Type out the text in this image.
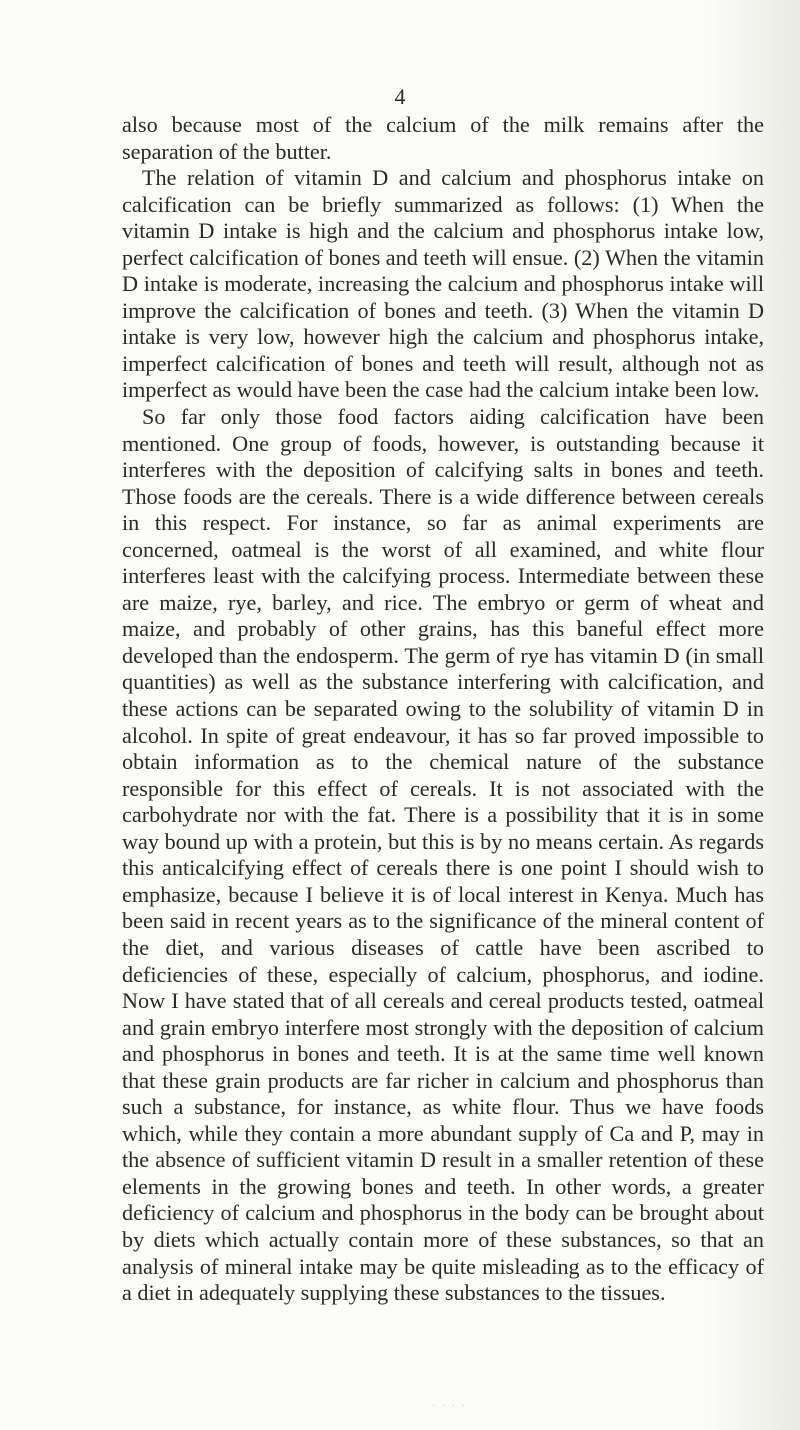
4

also because most of the calcium of the milk remains after the separation of the butter.

The relation of vitamin D and calcium and phosphorus intake on calcification can be briefly summarized as follows: (1) When the vitamin D intake is high and the calcium and phosphorus intake low, perfect calcification of bones and teeth will ensue. (2) When the vitamin D intake is moderate, increasing the calcium and phosphorus intake will improve the calcification of bones and teeth. (3) When the vitamin D intake is very low, however high the calcium and phosphorus intake, imperfect calcification of bones and teeth will result, although not as imperfect as would have been the case had the calcium intake been low.

So far only those food factors aiding calcification have been mentioned. One group of foods, however, is outstanding because it interferes with the deposition of calcifying salts in bones and teeth. Those foods are the cereals. There is a wide difference between cereals in this respect. For instance, so far as animal experiments are concerned, oatmeal is the worst of all examined, and white flour interferes least with the calcifying process. Intermediate between these are maize, rye, barley, and rice. The embryo or germ of wheat and maize, and probably of other grains, has this baneful effect more developed than the endosperm. The germ of rye has vitamin D (in small quantities) as well as the substance interfering with calcification, and these actions can be separated owing to the solubility of vitamin D in alcohol. In spite of great endeavour, it has so far proved impossible to obtain information as to the chemical nature of the substance responsible for this effect of cereals. It is not associated with the carbohydrate nor with the fat. There is a possibility that it is in some way bound up with a protein, but this is by no means certain. As regards this anticalcifying effect of cereals there is one point I should wish to emphasize, because I believe it is of local interest in Kenya. Much has been said in recent years as to the significance of the mineral content of the diet, and various diseases of cattle have been ascribed to deficiencies of these, especially of calcium, phosphorus, and iodine. Now I have stated that of all cereals and cereal products tested, oatmeal and grain embryo interfere most strongly with the deposition of calcium and phosphorus in bones and teeth. It is at the same time well known that these grain products are far richer in calcium and phosphorus than such a substance, for instance, as white flour. Thus we have foods which, while they contain a more abundant supply of Ca and P, may in the absence of sufficient vitamin D result in a smaller retention of these elements in the growing bones and teeth. In other words, a greater deficiency of calcium and phosphorus in the body can be brought about by diets which actually contain more of these substances, so that an analysis of mineral intake may be quite misleading as to the efficacy of a diet in adequately supplying these substances to the tissues.

· · · ·
